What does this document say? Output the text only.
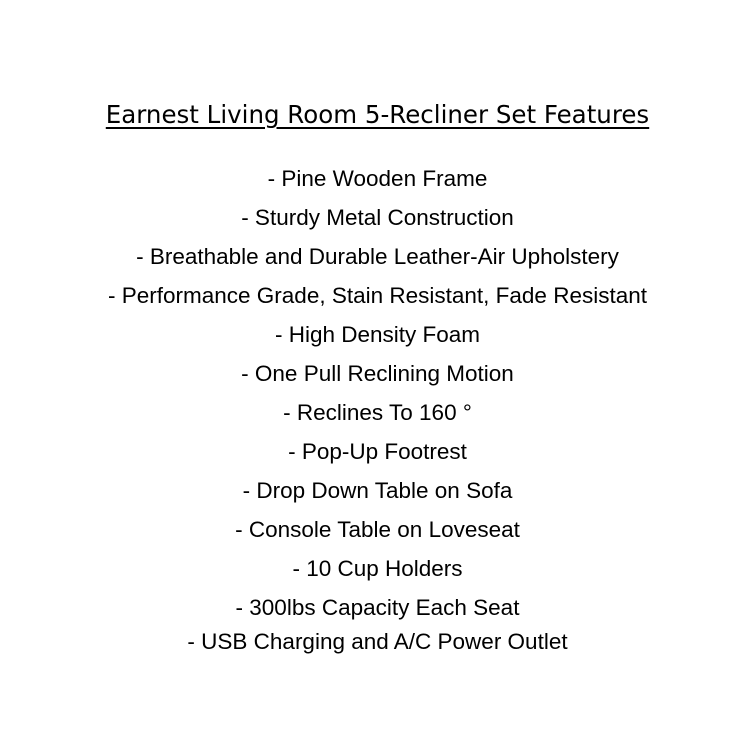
Earnest Living Room 5-Recliner Set Features
- Pine Wooden Frame
- Sturdy Metal Construction
- Breathable and Durable Leather-Air Upholstery
- Performance Grade, Stain Resistant, Fade Resistant
- High Density Foam
- One Pull Reclining Motion
- Reclines To 160 °
- Pop-Up Footrest
- Drop Down Table on Sofa
- Console Table on Loveseat
- 10 Cup Holders
- 300lbs Capacity Each Seat
- USB Charging and A/C Power Outlet
